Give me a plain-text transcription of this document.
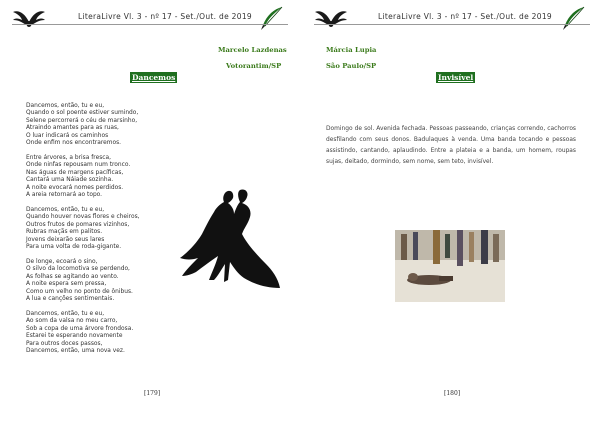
LiteraLivre Vl. 3 - nº 17 - Set./Out. de 2019
Marcelo Lazdenas
Votorantim/SP
Dancemos
Dancemos, então, tu e eu,
Quando o sol poente estiver sumindo,
Selene percorrerá o céu de marsinho,
Atraindo amantes para as ruas,
O luar indicará os caminhos
Onde enfim nos encontraremos.
Entre árvores, a brisa fresca,
Onde ninfas repousam num tronco.
Nas águas de margens pacíficas,
Cantará uma Náiade sozinha.
A noite evocará nomes perdidos.
A areia retornará ao topo.
Dancemos, então, tu e eu,
Quando houver novas flores e cheiros,
Outros frutos de pomares vizinhos,
Rubras maçãs em palitos.
Jovens deixarão seus lares
Para uma volta de roda-gigante.
De longe, ecoará o sino,
O silvo da locomotiva se perdendo,
As folhas se agitando ao vento.
A noite espera sem pressa,
Como um velho no ponto de ônibus.
A lua e canções sentimentais.
Dancemos, então, tu e eu,
Ao som da valsa no meu carro,
Sob a copa de uma árvore frondosa.
Estarei te esperando novamente
Para outros doces passos,
Dancemos, então, uma nova vez.
[179]
LiteraLivre Vl. 3 - nº 17 - Set./Out. de 2019
Márcia Lupia
São Paulo/SP
Invisível
[180]
Domingo de sol. Avenida fechada. Pessoas passeando, crianças correndo, cachorros desfilando com seus donos. Badulaques à venda. Uma banda tocando e pessoas assistindo, cantando, aplaudindo. Entre a plateia e a banda, um homem, roupas sujas, deitado, dormindo, sem nome, sem teto, invisível.
